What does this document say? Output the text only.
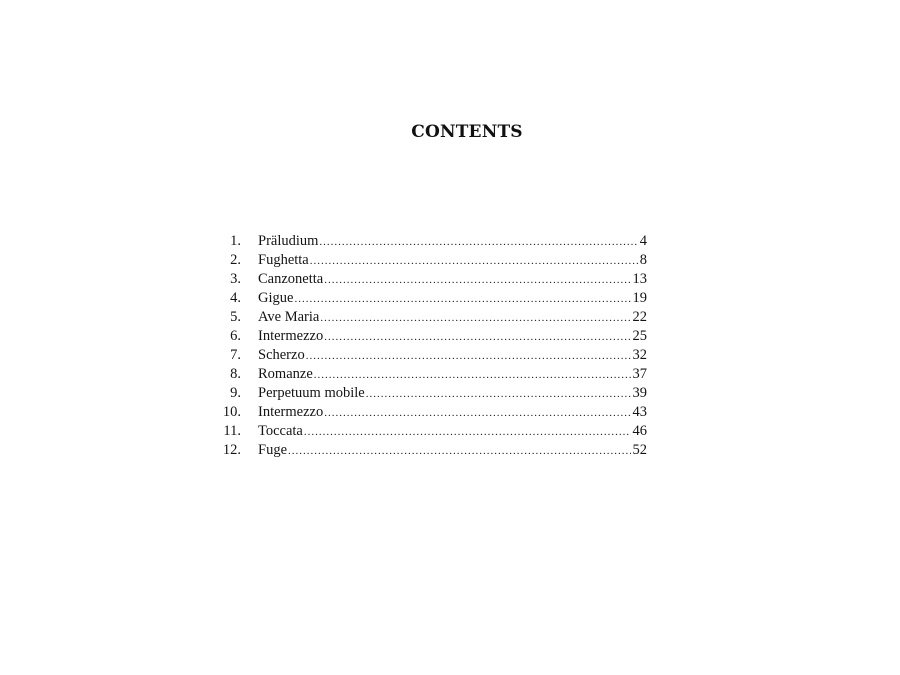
CONTENTS
1. Präludium .....	4
2. Fughetta .....	8
3. Canzonetta .....	13
4. Gigue .....	19
5. Ave Maria .....	22
6. Intermezzo .....	25
7. Scherzo .....	32
8. Romanze .....	37
9. Perpetuum mobile .....	39
10. Intermezzo .....	43
11. Toccata .....	46
12. Fuge .....	52
